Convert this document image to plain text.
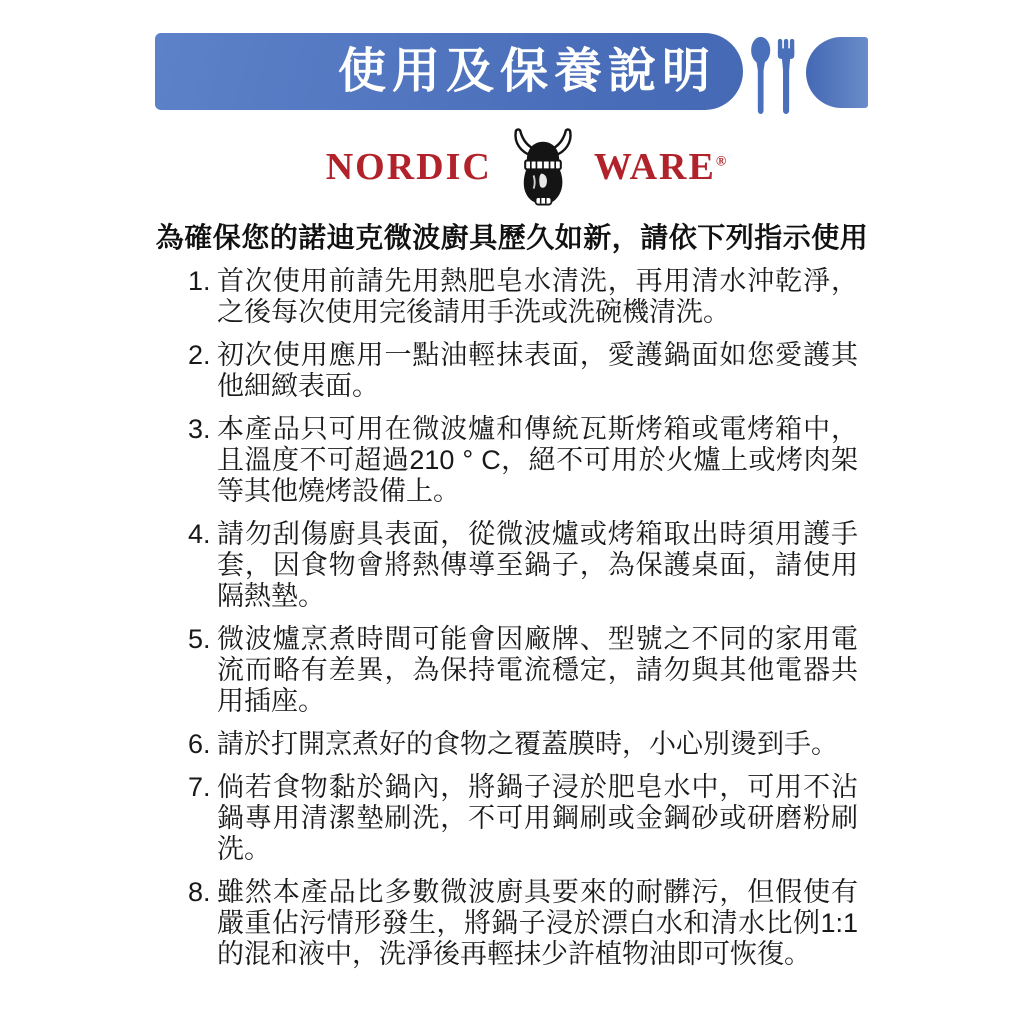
使用及保養說明
NORDIC	WARE®
為確保您的諾迪克微波廚具歷久如新，請依下列指示使用
1. 首次使用前請先用熱肥皂水清洗，再用清水沖乾淨，之後每次使用完後請用手洗或洗碗機清洗。
2. 初次使用應用一點油輕抹表面，愛護鍋面如您愛護其他細緻表面。
3. 本產品只可用在微波爐和傳統瓦斯烤箱或電烤箱中，且溫度不可超過210 ° C，絕不可用於火爐上或烤肉架等其他燒烤設備上。
4. 請勿刮傷廚具表面，從微波爐或烤箱取出時須用護手套，因食物會將熱傳導至鍋子，為保護桌面，請使用隔熱墊。
5. 微波爐烹煮時間可能會因廠牌、型號之不同的家用電流而略有差異，為保持電流穩定，請勿與其他電器共用插座。
6. 請於打開烹煮好的食物之覆蓋膜時，小心別燙到手。
7. 倘若食物黏於鍋內，將鍋子浸於肥皂水中，可用不沾鍋專用清潔墊刷洗，不可用鋼刷或金鋼砂或研磨粉刷洗。
8. 雖然本產品比多數微波廚具要來的耐髒污，但假使有嚴重佔污情形發生，將鍋子浸於漂白水和清水比例1:1的混和液中，洗淨後再輕抹少許植物油即可恢復。
